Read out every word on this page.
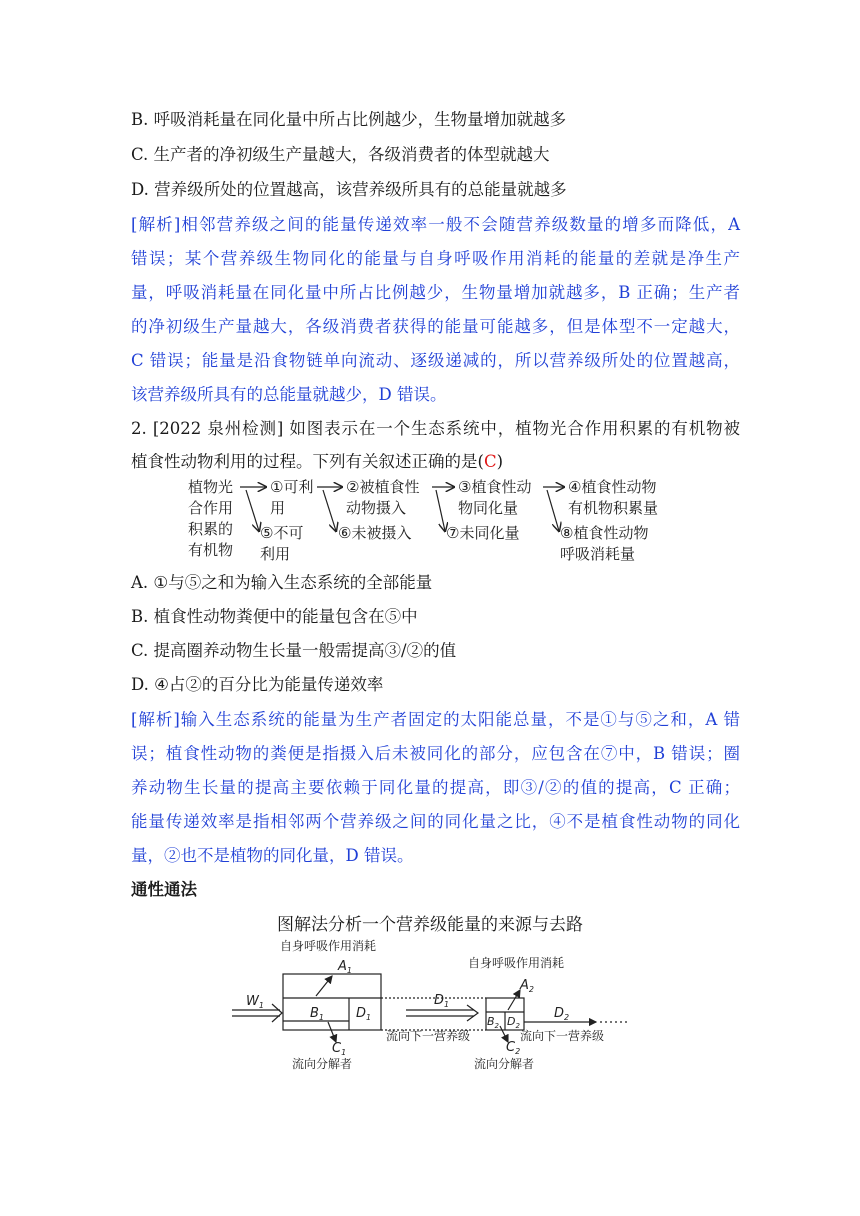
B. 呼吸消耗量在同化量中所占比例越少，生物量增加就越多
C. 生产者的净初级生产量越大，各级消费者的体型就越大
D. 营养级所处的位置越高，该营养级所具有的总能量就越多
[解析]相邻营养级之间的能量传递效率一般不会随营养级数量的增多而降低，A
错误；某个营养级生物同化的能量与自身呼吸作用消耗的能量的差就是净生产
量，呼吸消耗量在同化量中所占比例越少，生物量增加就越多，B 正确；生产者
的净初级生产量越大，各级消费者获得的能量可能越多，但是体型不一定越大，
C 错误；能量是沿食物链单向流动、逐级递减的，所以营养级所处的位置越高，
该营养级所具有的总能量就越少，D 错误。
2. [2022 泉州检测] 如图表示在一个生态系统中，植物光合作用积累的有机物被
植食性动物利用的过程。下列有关叙述正确的是(C)
植物光
合作用
积累的
有机物
①可利
用
②被植食性
动物摄入
③植食性动
物同化量
④植食性动物
有机物积累量
⑤不可
利用
⑥未被摄入 ⑦未同化量	⑧植食性动物
呼吸消耗量
A. ①与⑤之和为输入生态系统的全部能量
B. 植食性动物粪便中的能量包含在⑤中
C. 提高圈养动物生长量一般需提高③/②的值
D. ④占②的百分比为能量传递效率
[解析]输入生态系统的能量为生产者固定的太阳能总量，不是①与⑤之和，A 错
误；植食性动物的粪便是指摄入后未被同化的部分，应包含在⑦中，B 错误；圈
养动物生长量的提高主要依赖于同化量的提高，即③/②的值的提高，C 正确；
能量传递效率是指相邻两个营养级之间的同化量之比，④不是植食性动物的同化
量，②也不是植物的同化量，D 错误。
通性通法
图解法分析一个营养级能量的来源与去路
自身呼吸作用消耗
自身呼吸作用消耗
$W_1$
$A_1$
$B_1$ $D_1$
$C_1$
$D_1$
$A_2$
$B_2$ $D_2$
$C_2$
$D_2$
流向下一营养级	流向下一营养级
流向分解者	流向分解者
